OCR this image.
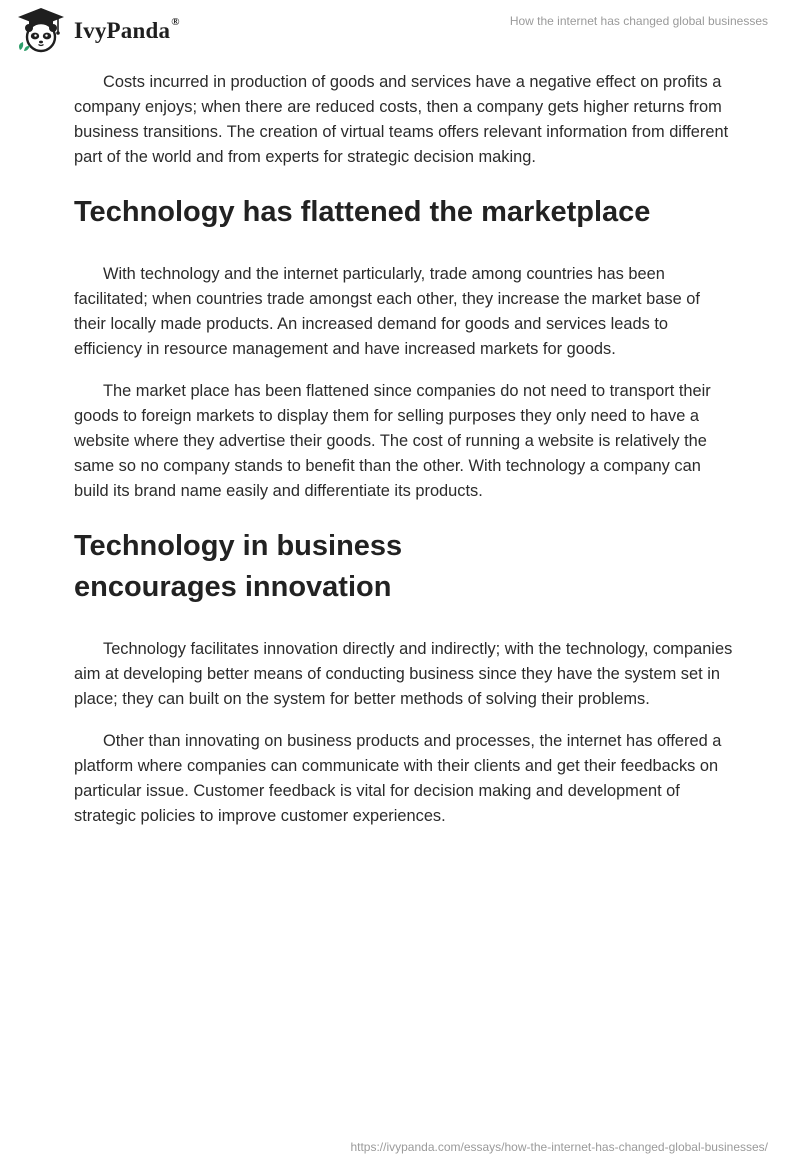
IvyPanda®	How the internet has changed global businesses

Costs incurred in production of goods and services have a negative effect on profits a company enjoys; when there are reduced costs, then a company gets higher returns from business transitions. The creation of virtual teams offers relevant information from different part of the world and from experts for strategic decision making.

Technology has flattened the marketplace

With technology and the internet particularly, trade among countries has been facilitated; when countries trade amongst each other, they increase the market base of their locally made products. An increased demand for goods and services leads to efficiency in resource management and have increased markets for goods.

The market place has been flattened since companies do not need to transport their goods to foreign markets to display them for selling purposes they only need to have a website where they advertise their goods. The cost of running a website is relatively the same so no company stands to benefit than the other. With technology a company can build its brand name easily and differentiate its products.

Technology in business encourages innovation

Technology facilitates innovation directly and indirectly; with the technology, companies aim at developing better means of conducting business since they have the system set in place; they can built on the system for better methods of solving their problems.

Other than innovating on business products and processes, the internet has offered a platform where companies can communicate with their clients and get their feedbacks on particular issue. Customer feedback is vital for decision making and development of strategic policies to improve customer experiences.

https://ivypanda.com/essays/how-the-internet-has-changed-global-businesses/
